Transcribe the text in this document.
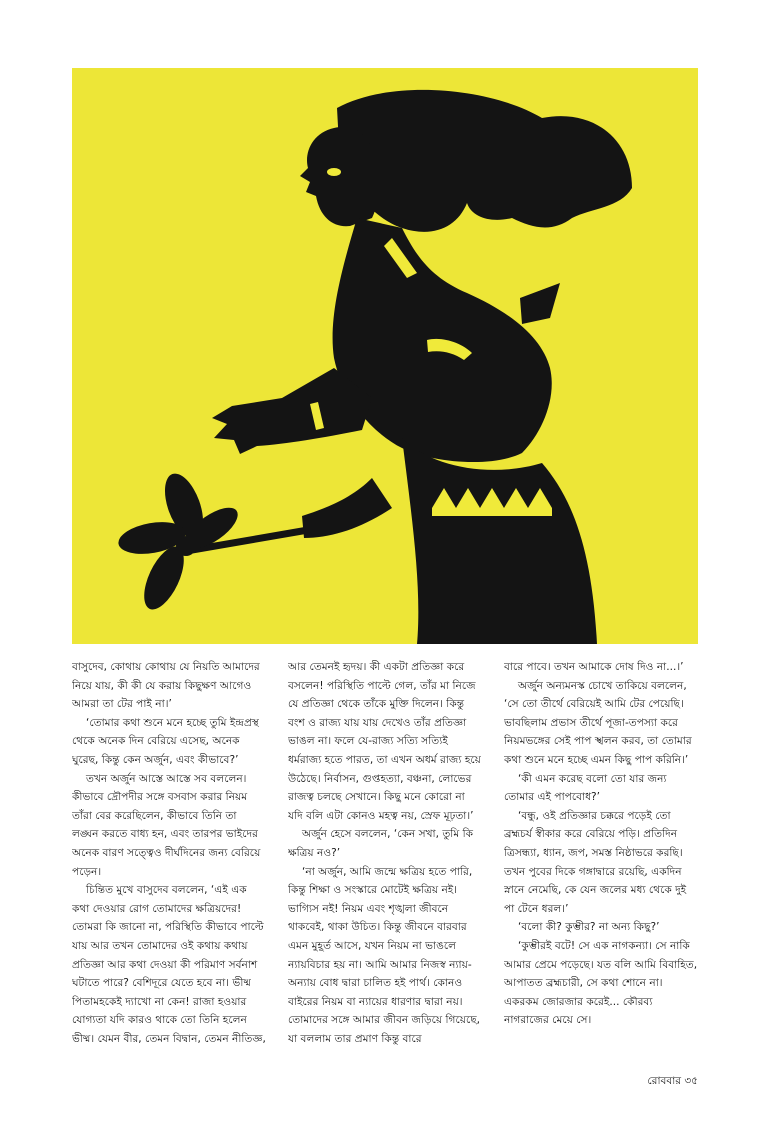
বাসুদেব, কোথায় কোথায় যে নিয়তি আমাদের নিয়ে যায়, কী কী যে করায় কিছুক্ষণ আগেও আমরা তা টের পাই না।’

‘তোমার কথা শুনে মনে হচ্ছে তুমি ইন্দ্রপ্রস্থ থেকে অনেক দিন বেরিয়ে এসেছ, অনেক ঘুরেছ, কিন্তু কেন অর্জুন, এবং কীভাবে?’

তখন অর্জুন আস্তে আস্তে সব বললেন। কীভাবে দ্রৌপদীর সঙ্গে বসবাস করার নিয়ম তাঁরা বের করেছিলেন, কীভাবে তিনি তা লঙ্ঘন করতে বাধ্য হন, এবং তারপর ভাইদের অনেক বারণ সত্ত্বেও দীর্ঘদিনের জন্য বেরিয়ে পড়েন।

চিন্তিত মুখে বাসুদেব বললেন, ‘এই এক কথা দেওয়ার রোগ তোমাদের ক্ষত্রিয়দের! তোমরা কি জানো না, পরিস্থিতি কীভাবে পাল্টে যায় আর তখন তোমাদের ওই কথায় কথায় প্রতিজ্ঞা আর কথা দেওয়া কী পরিমাণ সর্বনাশ ঘটাতে পারে? বেশিদূরে যেতে হবে না। ভীষ্ম পিতামহকেই দ্যাখো না কেন! রাজা হওয়ার যোগ্যতা যদি কারও থাকে তো তিনি হলেন ভীষ্ম। যেমন বীর, তেমন বিদ্বান, তেমন নীতিজ্ঞ,

আর তেমনই হৃদয়। কী একটা প্রতিজ্ঞা করে বসলেন! পরিস্থিতি পাল্টে গেল, তাঁর মা নিজে যে প্রতিজ্ঞা থেকে তাঁকে মুক্তি দিলেন। কিন্তু বংশ ও রাজ্য যায় যায় দেখেও তাঁর প্রতিজ্ঞা ভাঙল না। ফলে যে-রাজ্য সত্যি সত্যিই ধর্মরাজ্য হতে পারত, তা এখন অধর্ম রাজ্য হয়ে উঠেছে। নির্বাসন, গুপ্তহত্যা, বঞ্চনা, লোভের রাজত্ব চলছে সেখানে। কিছু মনে কোরো না যদি বলি এটা কোনও মহত্ব নয়, স্রেফ মূঢ়তা।’

অর্জুন হেসে বললেন, ‘কেন সখা, তুমি কি ক্ষত্রিয় নও?’

‘না অর্জুন, আমি জন্মে ক্ষত্রিয় হতে পারি, কিন্তু শিক্ষা ও সংস্কারে মোটেই ক্ষত্রিয় নই। ভাগ্যিস নই! নিয়ম এবং শৃঙ্খলা জীবনে থাকবেই, থাকা উচিত। কিন্তু জীবনে বারবার এমন মুহূর্ত আসে, যখন নিয়ম না ভাঙলে ন্যায়বিচার হয় না। আমি আমার নিজস্ব ন্যায়-অন্যায় বোধ দ্বারা চালিত হই পার্থ। কোনও বাইরের নিয়ম বা ন্যায়ের ধারণার দ্বারা নয়। তোমাদের সঙ্গে আমার জীবন জড়িয়ে গিয়েছে, যা বললাম তার প্রমাণ কিন্তু বারে

বারে পাবে। তখন আমাকে দোষ দিও না...।’

অর্জুন অন্যমনস্ক চোখে তাকিয়ে বললেন, ‘সে তো তীর্থে বেরিয়েই আমি টের পেয়েছি। ভাবছিলাম প্রভাস তীর্থে পূজা-তপস্যা করে নিয়মভঙ্গের সেই পাপ স্খলন করব, তা তোমার কথা শুনে মনে হচ্ছে এমন কিছু পাপ করিনি।’

‘কী এমন করেছ বলো তো যার জন্য তোমার এই পাপবোধ?’

‘বন্ধু, ওই প্রতিজ্ঞার চক্করে পড়েই তো ব্রহ্মচর্য স্বীকার করে বেরিয়ে পড়ি। প্রতিদিন ত্রিসন্ধ্যা, ধ্যান, জপ, সমস্ত নিষ্ঠাভরে করছি। তখন পুবের দিকে গঙ্গাদ্বারে রয়েছি, একদিন স্নানে নেমেছি, কে যেন জলের মধ্য থেকে দুই পা টেনে ধরল।’

‘বলো কী? কুম্ভীর? না অন্য কিছু?’

‘কুম্ভীরই বটে! সে এক নাগকন্যা। সে নাকি আমার প্রেমে পড়েছে। যত বলি আমি বিবাহিত, আপাতত ব্রহ্মচারী, সে কথা শোনে না। একরকম জোরজার করেই... কৌরব্য নাগরাজের মেয়ে সে।

রোববার ৩৫
